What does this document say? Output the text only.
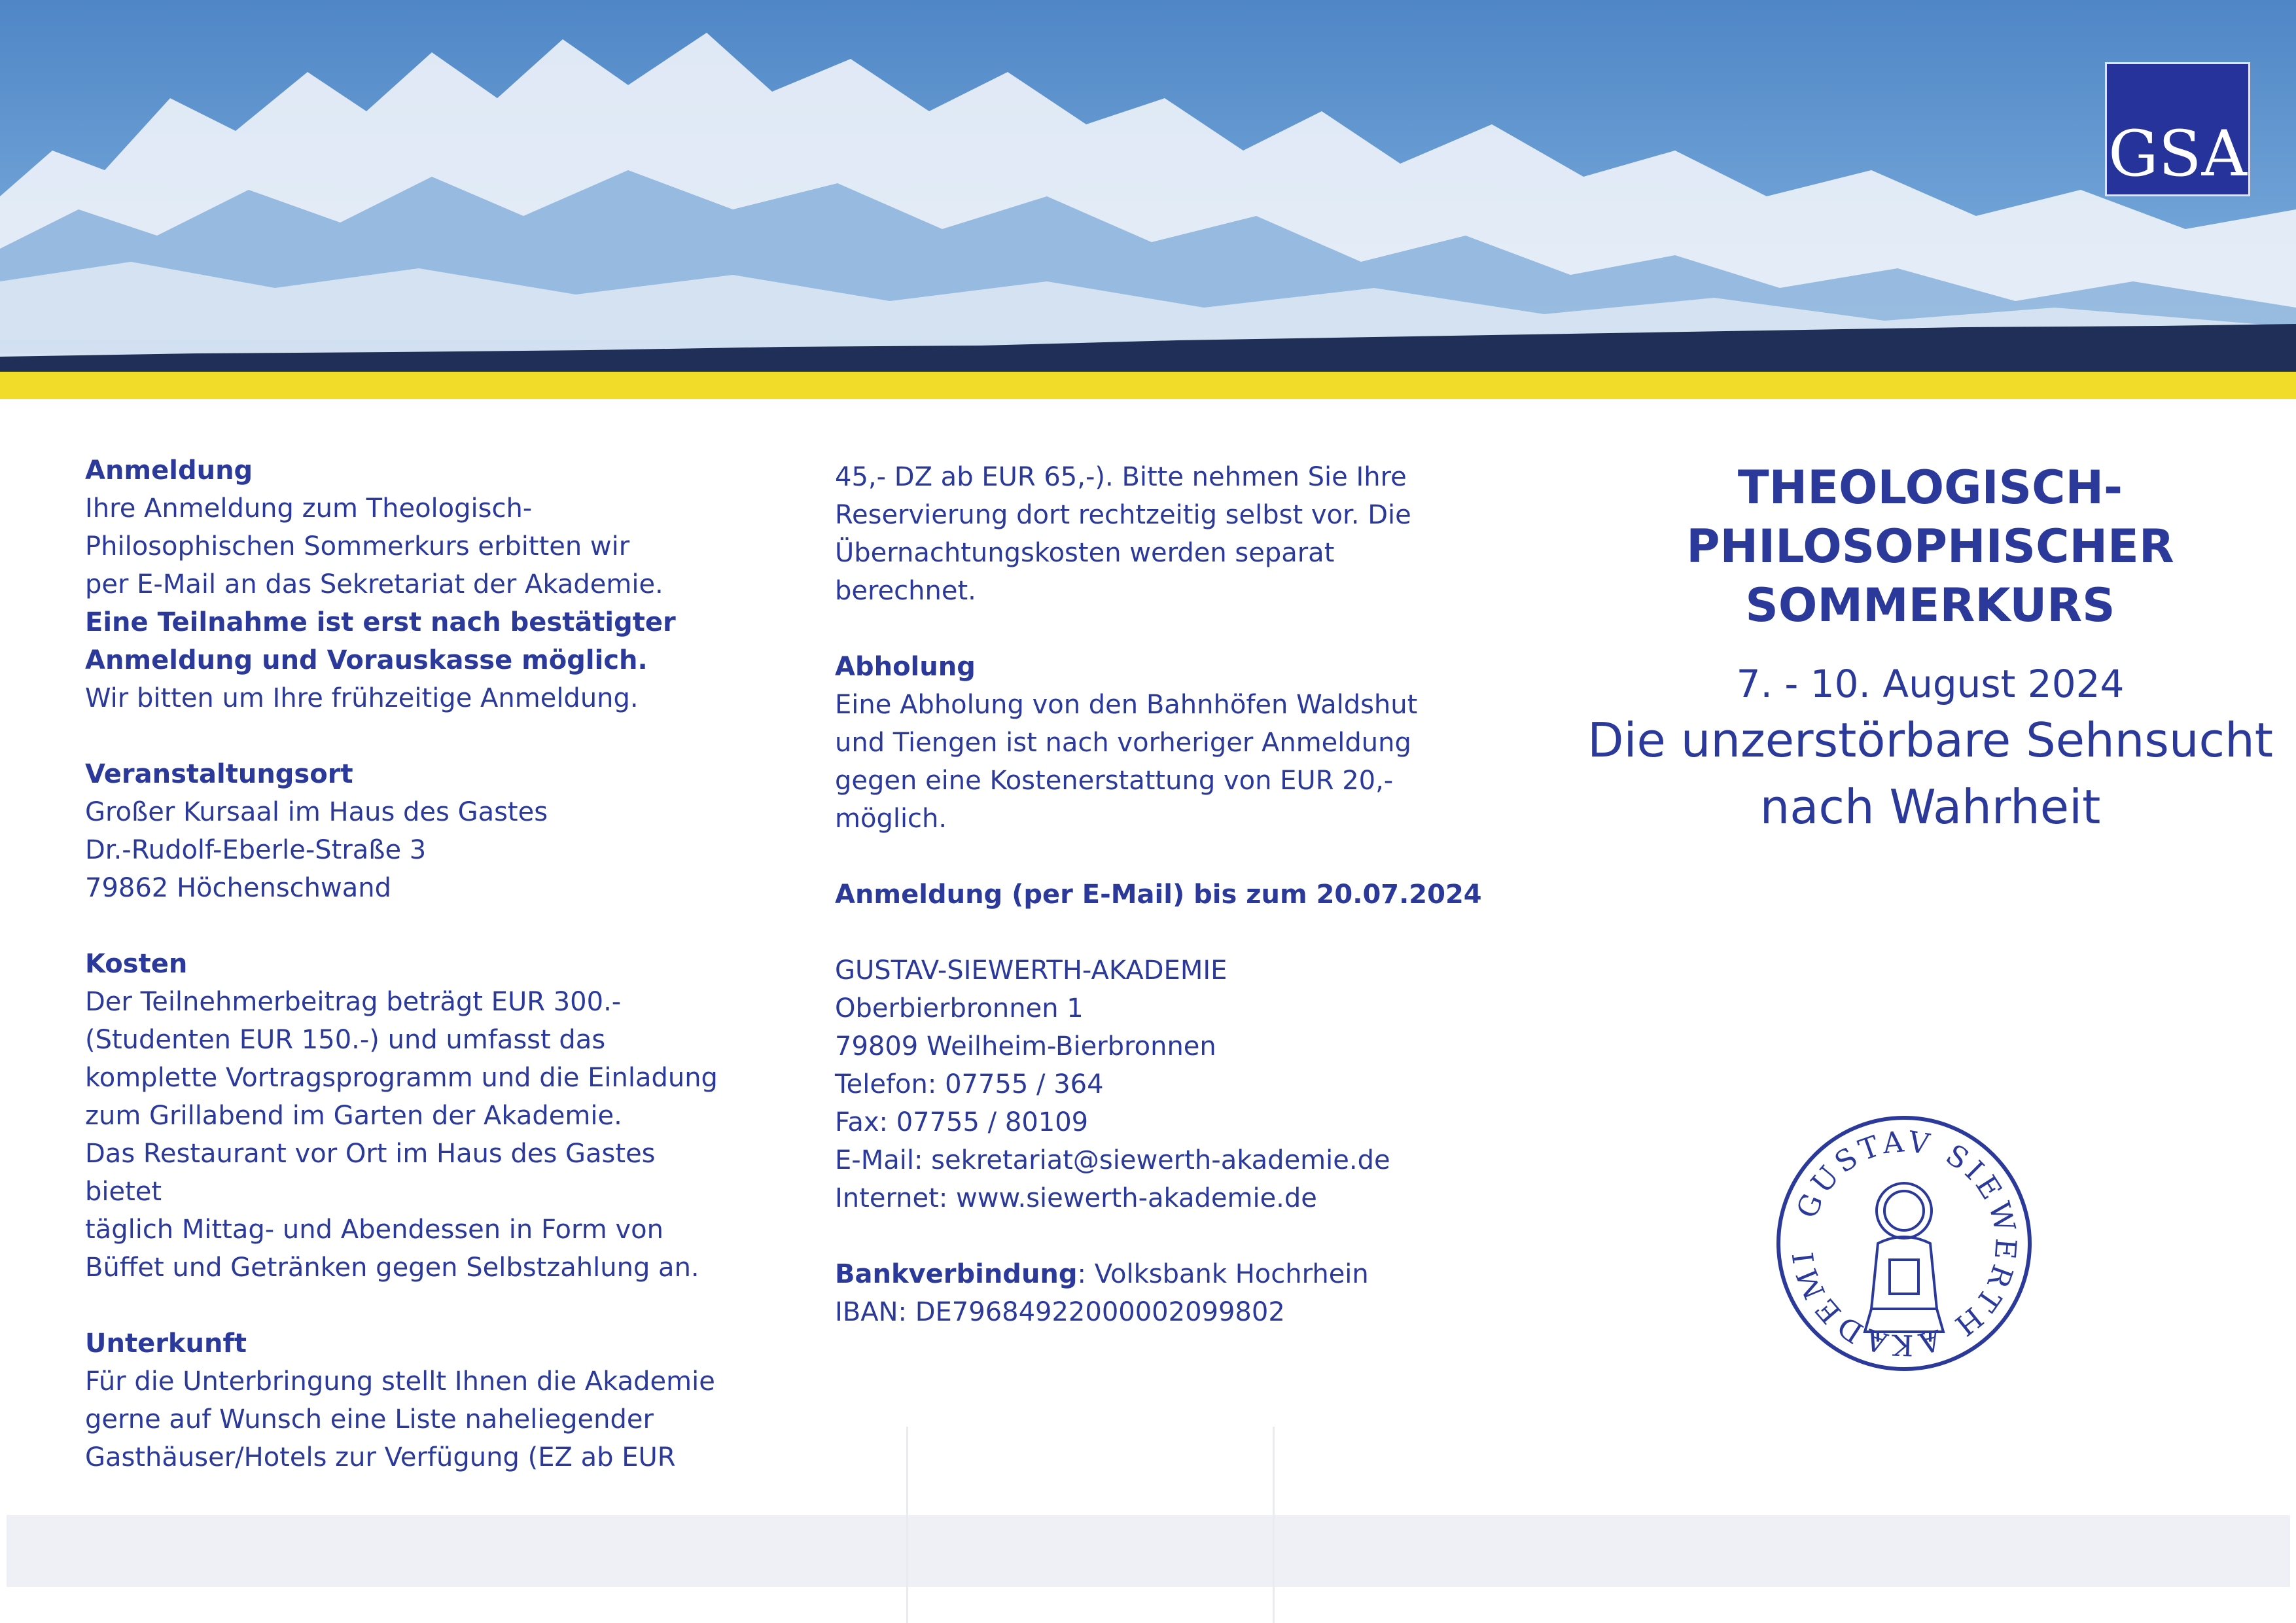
GSA

Anmeldung

Ihre Anmeldung zum Theologisch-

Philosophischen Sommerkurs erbitten wir

per E-Mail an das Sekretariat der Akademie.

Eine Teilnahme ist erst nach bestätigter

Anmeldung und Vorauskasse möglich.

Wir bitten um Ihre frühzeitige Anmeldung.

Veranstaltungsort

Großer Kursaal im Haus des Gastes

Dr.-Rudolf-Eberle-Straße 3

79862 Höchenschwand

Kosten

Der Teilnehmerbeitrag beträgt EUR 300.-

(Studenten EUR 150.-) und umfasst das

komplette Vortragsprogramm und die Einladung

zum Grillabend im Garten der Akademie.

Das Restaurant vor Ort im Haus des Gastes bietet

täglich Mittag- und Abendessen in Form von

Büffet und Getränken gegen Selbstzahlung an.

Unterkunft

Für die Unterbringung stellt Ihnen die Akademie

gerne auf Wunsch eine Liste naheliegender

Gasthäuser/Hotels zur Verfügung (EZ ab EUR

45,- DZ ab EUR 65,-). Bitte nehmen Sie Ihre

Reservierung dort rechtzeitig selbst vor. Die

Übernachtungskosten werden separat

berechnet.

Abholung

Eine Abholung von den Bahnhöfen Waldshut

und Tiengen ist nach vorheriger Anmeldung

gegen eine Kostenerstattung von EUR 20,-

möglich.

Anmeldung (per E-Mail) bis zum 20.07.2024

GUSTAV-SIEWERTH-AKADEMIE

Oberbierbronnen 1

79809 Weilheim-Bierbronnen

Telefon: 07755 / 364

Fax: 07755 / 80109

E-Mail: sekretariat@siewerth-akademie.de

Internet: www.siewerth-akademie.de

Bankverbindung: Volksbank Hochrhein

IBAN: DE79684922000002099802

THEOLOGISCH-
PHILOSOPHISCHER
SOMMERKURS

7. - 10. August 2024

Die unzerstörbare Sehnsucht
nach Wahrheit
GUSTAV SIEWERTH AKADEMI
